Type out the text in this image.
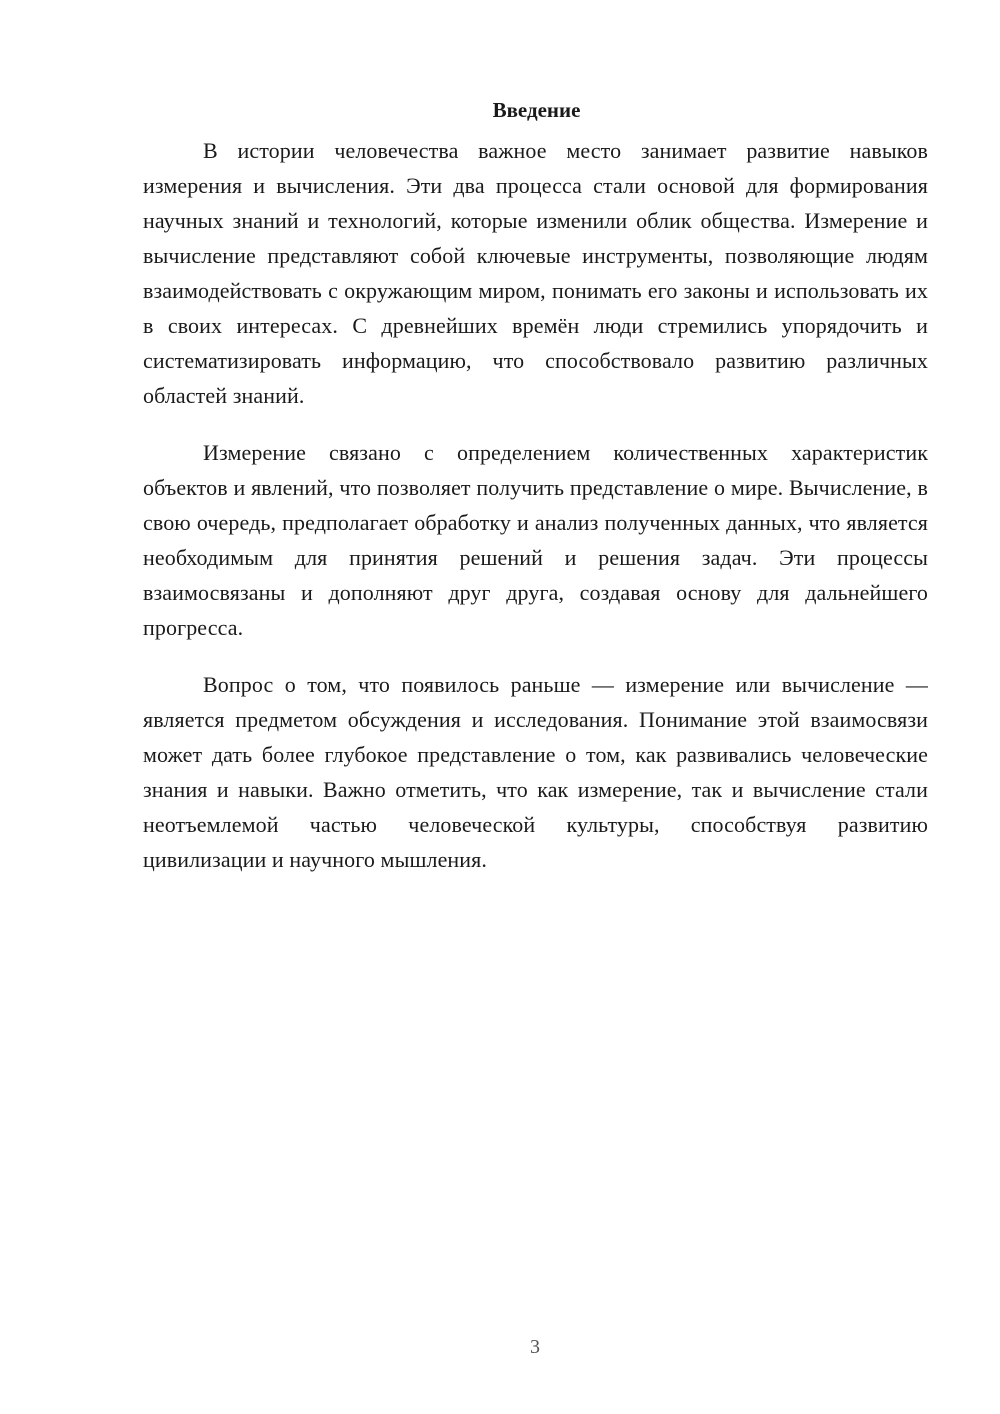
Введение

В истории человечества важное место занимает развитие навыков измерения и вычисления. Эти два процесса стали основой для формирования научных знаний и технологий, которые изменили облик общества. Измерение и вычисление представляют собой ключевые инструменты, позволяющие людям взаимодействовать с окружающим миром, понимать его законы и использовать их в своих интересах. С древнейших времён люди стремились упорядочить и систематизировать информацию, что способствовало развитию различных областей знаний.

Измерение связано с определением количественных характеристик объектов и явлений, что позволяет получить представление о мире. Вычисление, в свою очередь, предполагает обработку и анализ полученных данных, что является необходимым для принятия решений и решения задач. Эти процессы взаимосвязаны и дополняют друг друга, создавая основу для дальнейшего прогресса.

Вопрос о том, что появилось раньше — измерение или вычисление — является предметом обсуждения и исследования. Понимание этой взаимосвязи может дать более глубокое представление о том, как развивались человеческие знания и навыки. Важно отметить, что как измерение, так и вычисление стали неотъемлемой частью человеческой культуры, способствуя развитию цивилизации и научного мышления.

3
